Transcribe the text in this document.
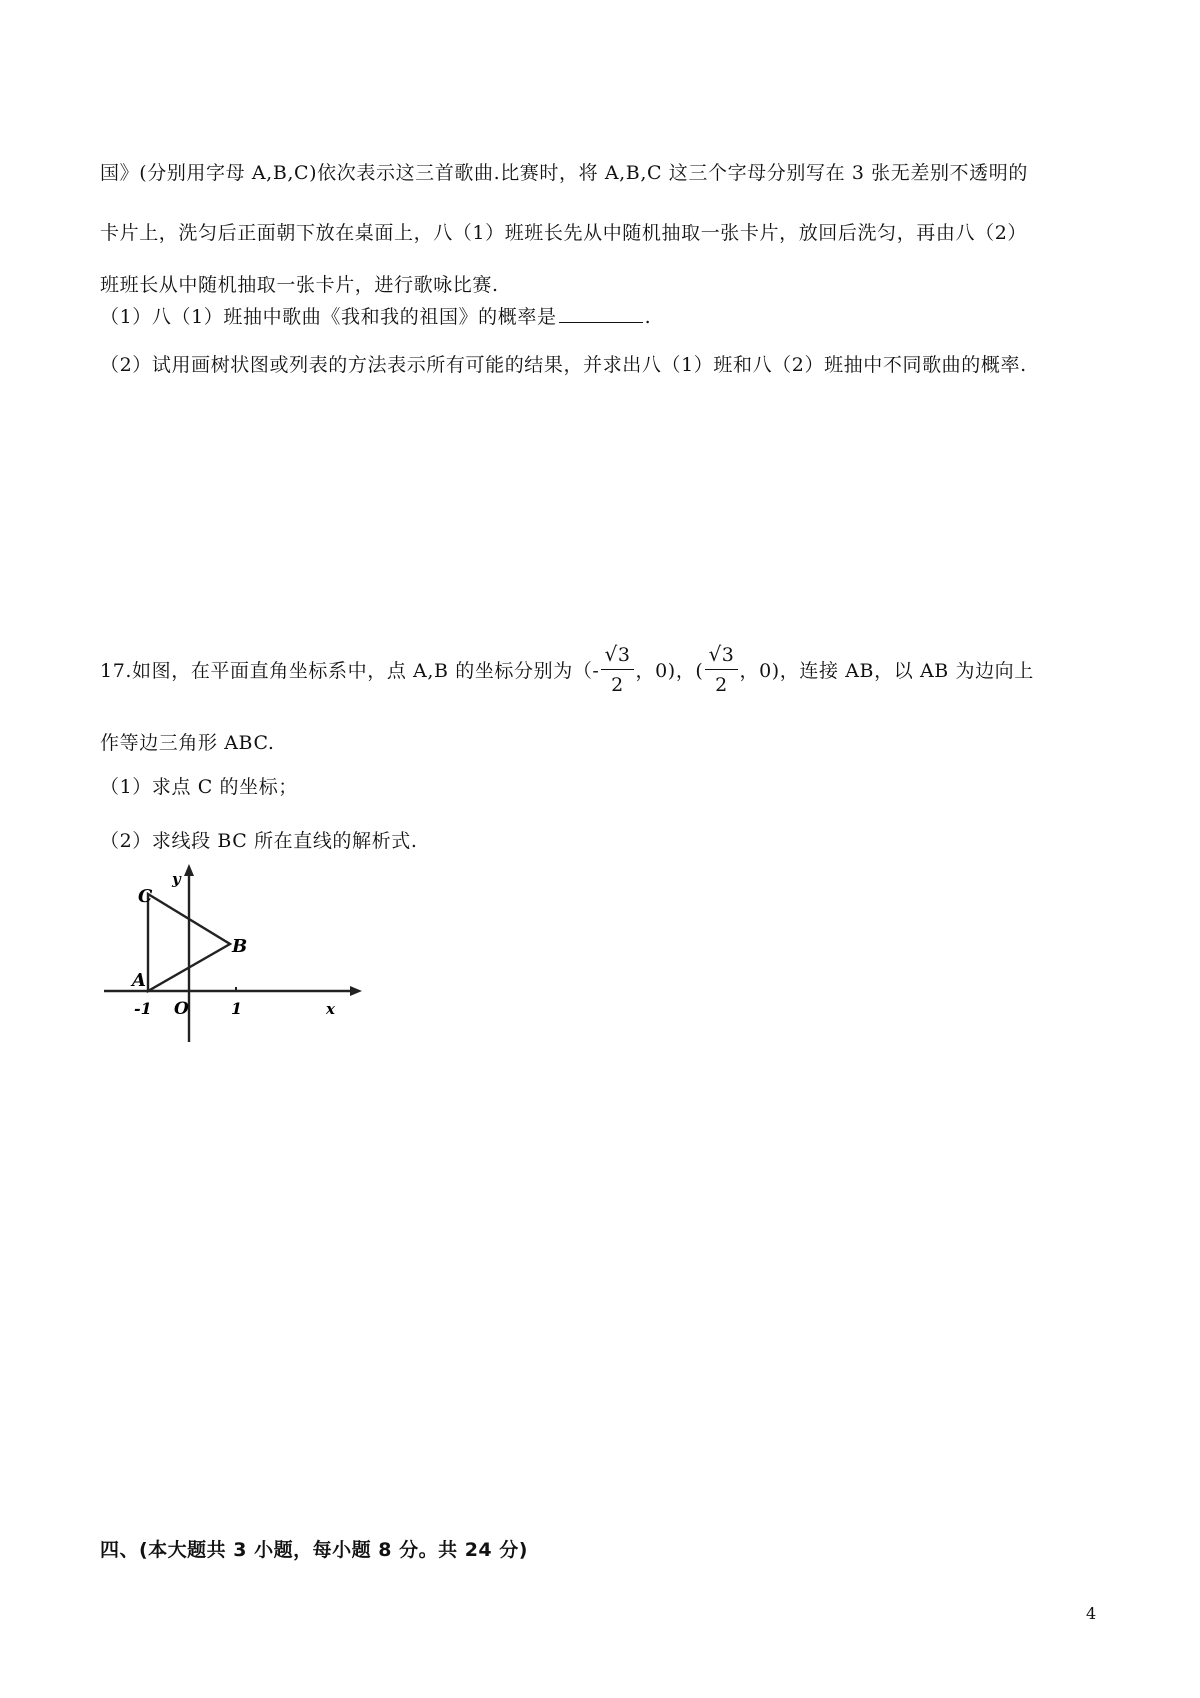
国》(分别用字母 A,B,C)依次表示这三首歌曲.比赛时，将 A,B,C 这三个字母分别写在 3 张无差别不透明的
卡片上，洗匀后正面朝下放在桌面上，八（1）班班长先从中随机抽取一张卡片，放回后洗匀，再由八（2）
班班长从中随机抽取一张卡片，进行歌咏比赛.
（1）八（1）班抽中歌曲《我和我的祖国》的概率是	.
（2）试用画树状图或列表的方法表示所有可能的结果，并求出八（1）班和八（2）班抽中不同歌曲的概率.
17.如图，在平面直角坐标系中，点 A,B 的坐标分别为（- $\frac{√3}{2}$ ，0)，( $\frac{√3}{2}$ ，0)，连接 AB，以 AB 为边向上
作等边三角形 ABC.
（1）求点 C 的坐标；
（2）求线段 BC 所在直线的解析式.
C
B
A
y
x
O
-1	1
四、(本大题共 3 小题，每小题 8 分。共 24 分)
4
